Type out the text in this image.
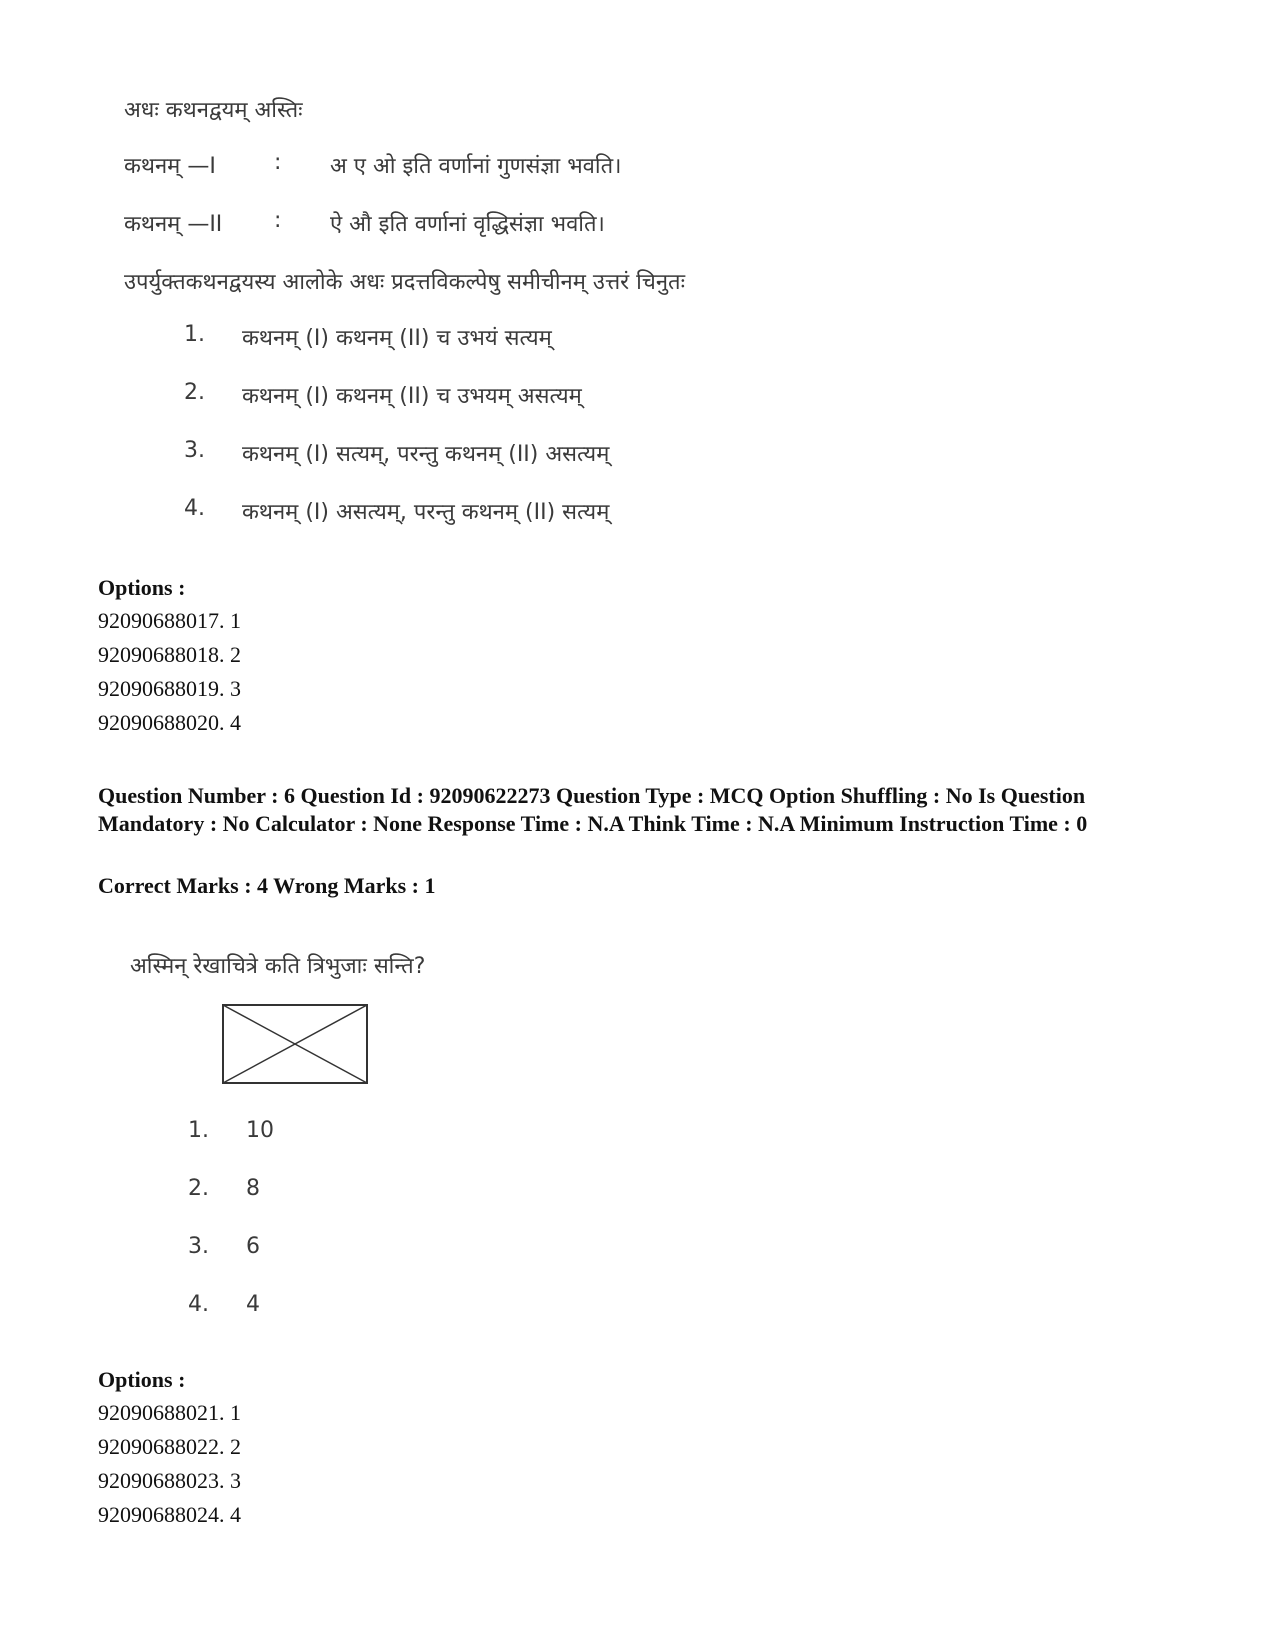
अधः कथनद्वयम् अस्तिः
कथनम् —I	: अ ए ओ इति वर्णानां गुणसंज्ञा भवति।
कथनम् —II : ऐ औ इति वर्णानां वृद्धिसंज्ञा भवति।
उपर्युक्तकथनद्वयस्य आलोके अधः प्रदत्तविकल्पेषु समीचीनम् उत्तरं चिनुतः
1. कथनम् (I) कथनम् (II) च उभयं सत्यम्
2. कथनम् (I) कथनम् (II) च उभयम् असत्यम्
3. कथनम् (I) सत्यम्, परन्तु कथनम् (II) असत्यम्
4. कथनम् (I) असत्यम्, परन्तु कथनम् (II) सत्यम्
Options :
92090688017. 1
92090688018. 2
92090688019. 3
92090688020. 4
Question Number : 6 Question Id : 92090622273 Question Type : MCQ Option Shuffling : No Is Question Mandatory : No Calculator : None Response Time : N.A Think Time : N.A Minimum Instruction Time : 0
Correct Marks : 4 Wrong Marks : 1
अस्मिन् रेखाचित्रे कति त्रिभुजाः सन्ति?
1. 10
2. 8
3. 6
4. 4
Options :
92090688021. 1
92090688022. 2
92090688023. 3
92090688024. 4
